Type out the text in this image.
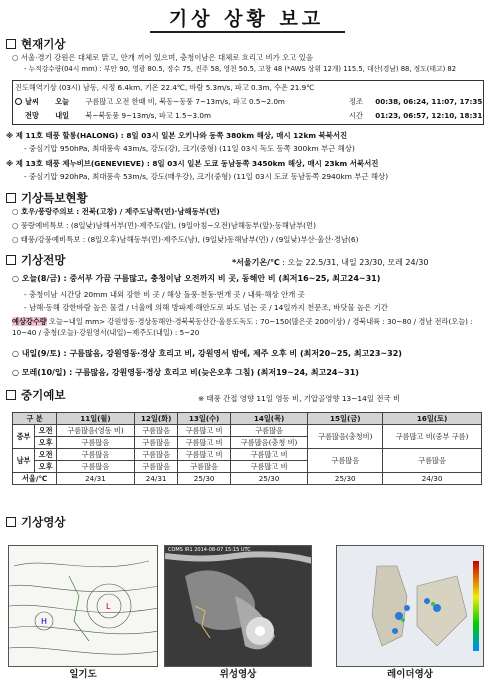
기상 상황 보고
현재기상
○ 서울·경기 강원은 대체로 맑고, 안개 끼어 있으며, 충청이남은 대체로 흐리고 비가 오고 있음
- 누적강수량(04시 mm) : 부안 90, 영광 80.5, 장수 75, 진주 58, 영천 50.5, 고창 48 (*AWS 상위 12개) 115.5, 대산(경남) 88, 정도(태고) 82
진도해역기상 (03시) 남동, 시정 6.4km, 기온 22.4℃, 바람 5.3m/s, 파고 0.3m, 수온 21.9℃
날씨 오늘 구름많고 오전 한때 비, 북동~동풍 7~13m/s, 파고 0.5~2.0m	정조 00:38, 06:24, 11:07, 17:35
전망 내일 북~북동풍 9~13m/s, 파고 1.5~3.0m	시간 01:23, 06:57, 12:10, 18:31
※ 제 11호 태풍 할롱(HALONG) : 8일 03시 일본 오키나와 동쪽 380km 해상, 매시 12km 북북서진
- 중심기압 950hPa, 최대풍속 43m/s, 강도(강), 크기(중형) (11일 03시 독도 동쪽 300km 부근 해상)
※ 제 13호 태풍 제누비브(GENEVIEVE) : 8일 03시 일본 도쿄 동남동쪽 3450km 해상, 매시 23km 서북서진
- 중심기압 920hPa, 최대풍속 53m/s, 강도(매우강), 크기(중형) (11일 03시 도쿄 동남동쪽 2940km 부근 해상)
기상특보현황
○ 호우/풍랑주의보 : 전북(고창) / 제주도남쪽(먼)·남해동부(먼)
○ 풍랑예비특보 : (8일낮)남해서부(먼)·제주도(앞), (9일아침~오전)남해동부(앞)·동해남부(먼)
○ 태풍/강풍예비특보 : (8일오후)남해동부(먼)·제주도(남), (9일낮)동해남부(먼) / (9일낮)부산·울산·경남(6)
기상전망	*서울기온/℃ : 오늘 22.5/31, 내일 23/30, 모레 24/30
○ 오늘(8/금) : 중서부 가끔 구름많고, 충청이남 오전까지 비 곳, 동해안 비 (최저16~25, 최고24~31)
- 충청이남 시간당 20mm 내외 강한 비 곳 / 해상 돌풍·천둥·번개 곳 / 내륙·해상 안개 곳
- 남해·동해 강한바람 높은 물결 / 너울에 의해 방파제·해안도로 파도 넘는 곳 / 14일까지 천문조, 바닷물 높은 기간
예상강수량 오늘~내일 mm> 강원영동·경상동해안·경북북동산간·울릉도독도 : 70~150(많은곳 200이상) / 경북내륙 : 30~80 / 경남 전라(오늘) : 10~40 / 충청(오늘)·강원영서(내일)~제주도(내일) : 5~20
○ 내일(9/토) : 구름많음, 강원영동·경상 흐리고 비, 강원영서 밤에, 제주 오후 비 (최저20~25, 최고23~32)
○ 모레(10/일) : 구름많음, 강원영동·경상 흐리고 비(늦은오후 그침) (최저19~24, 최고24~31)
중기예보	※ 태풍 간접 영향 11일 영동 비, 기압골영향 13~14일 전국 비
구 분		11일(월)	12일(화)	13일(수)	14일(목)	15일(금)	16일(토)
중부	오전	구름많음(영동 비)	구름많음	구름많고 비	구름많음	구름많음(충청비)	구름많고 비(중부 구름)
	오후	구름많음	구름많음	구름많고 비	구름많음(충청 비)		
남부	오전	구름많음	구름많음	구름많고 비	구름많고 비	구름많음	구름많음
	오후	구름많음	구름많음	구름많음	구름많고 비		
서울/℃		24/31	24/31	25/30	25/30	25/30	24/30
기상영상
L
H
COMS IR1 2014-08-07 15:15 UTC
일기도	위성영상	레이더영상
